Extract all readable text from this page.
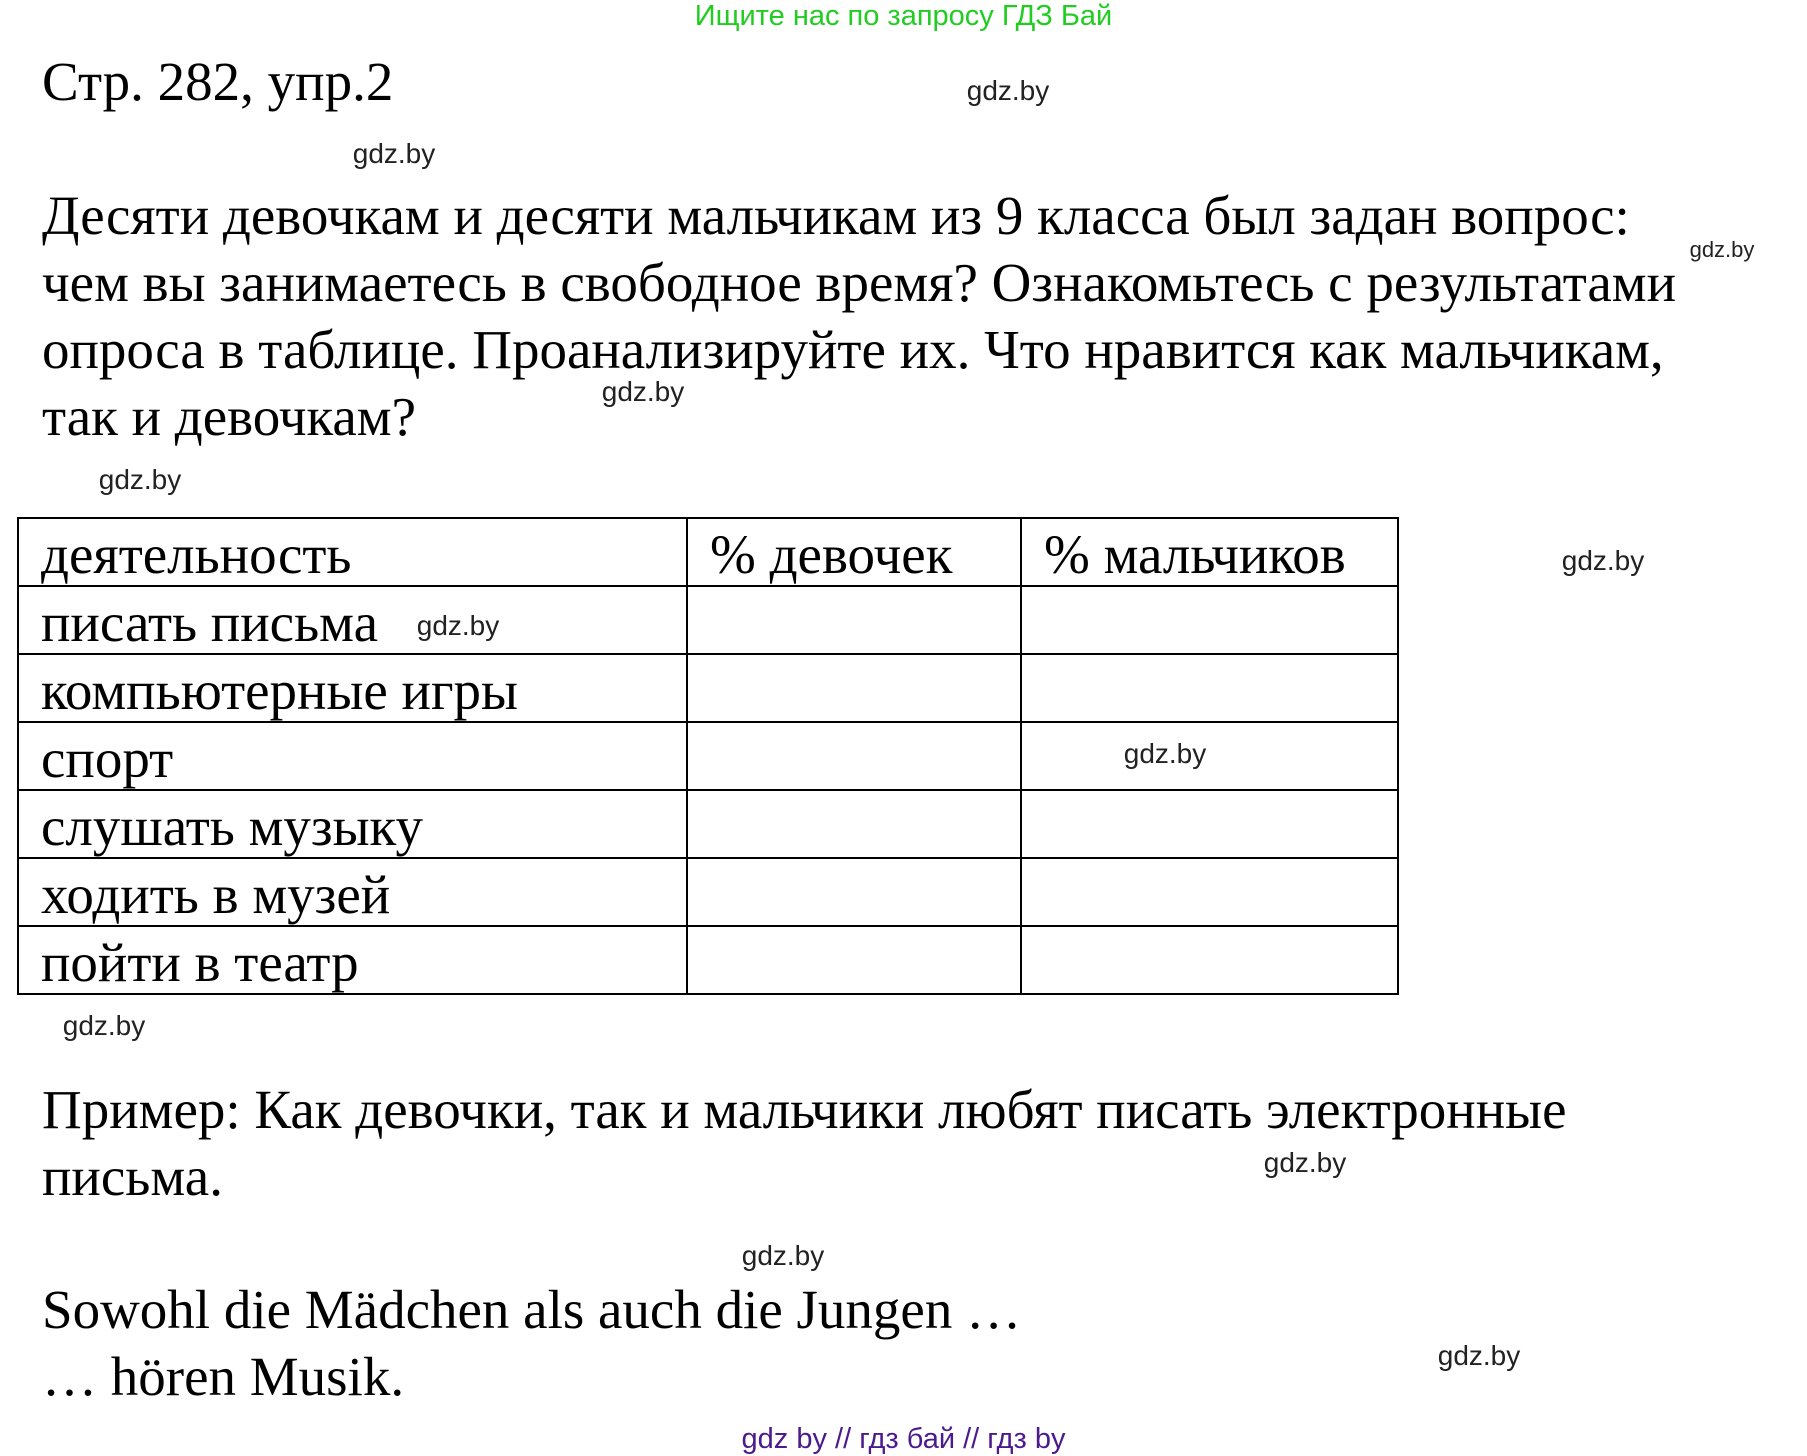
Ищите нас по запросу ГДЗ Бай
Стр. 282, упр.2
Десяти девочкам и десяти мальчикам из 9 класса был задан вопрос:
чем вы занимаетесь в свободное время? Ознакомьтесь с результатами
опроса в таблице. Проанализируйте их. Что нравится как мальчикам,
так и девочкам?
деятельность	% девочек	% мальчиков
писать письма		
компьютерные игры		
спорт		
слушать музыку		
ходить в музей		
пойти в театр		
Пример: Как девочки, так и мальчики любят писать электронные
письма.
Sowohl die Mädchen als auch die Jungen …
… hören Musik.
gdz.by
gdz.by
gdz.by
gdz.by
gdz.by
gdz.by
gdz.by
gdz.by
gdz.by
gdz.by
gdz.by
gdz.by
gdz by // гдз бай // гдз by
